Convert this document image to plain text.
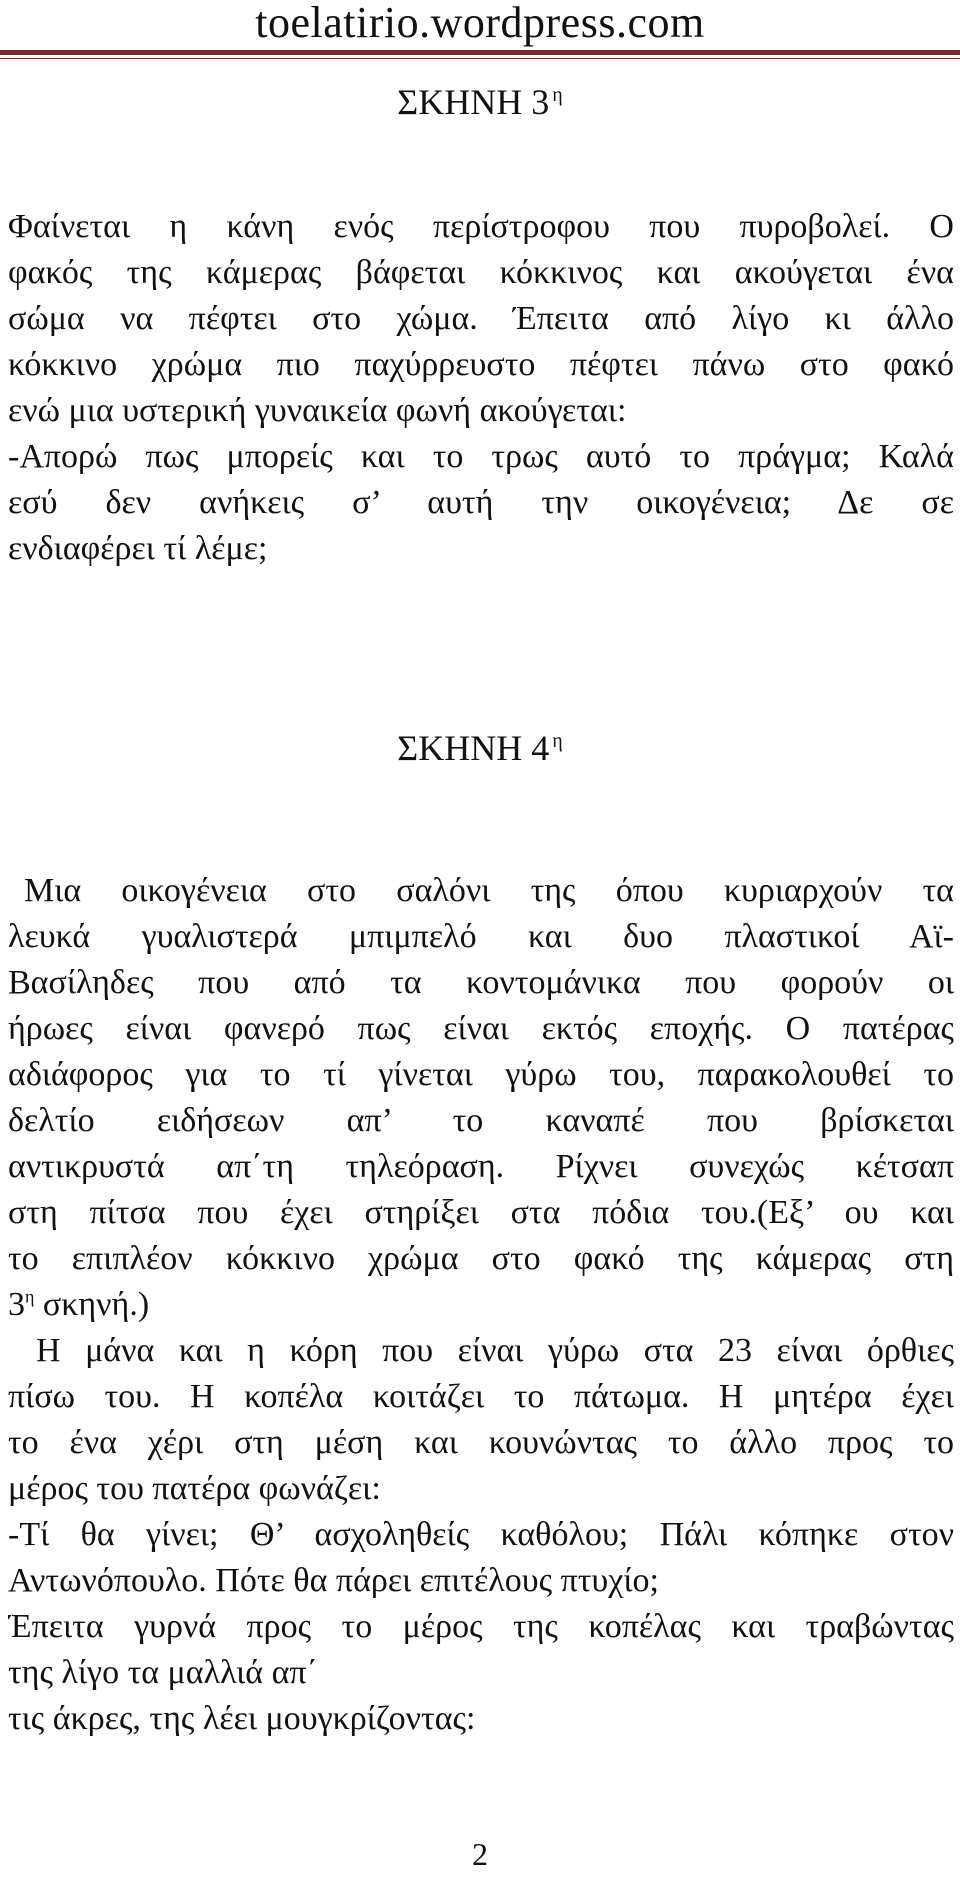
toelatirio.wordpress.com
ΣΚΗΝΗ 3 $^\eta$
Φαίνεται η κάνη ενός περίστροφου που πυροβολεί. Ο
φακός της κάμερας βάφεται κόκκινος και ακούγεται ένα
σώμα να πέφτει στο χώμα. Έπειτα από λίγο κι άλλο
κόκκινο χρώμα πιο παχύρρευστο πέφτει πάνω στο φακό
ενώ μια υστερική γυναικεία φωνή ακούγεται:
-Απορώ πως μπορείς και το τρως αυτό το πράγμα; Καλά
εσύ δεν ανήκεις σ’ αυτή την οικογένεια; Δε σε
ενδιαφέρει τί λέμε;
ΣΚΗΝΗ 4 $^\eta$
Μια οικογένεια στο σαλόνι της όπου κυριαρχούν τα
λευκά γυαλιστερά μπιμπελό και δυο πλαστικοί Αϊ-
Βασίληδες που από τα κοντομάνικα που φορούν οι
ήρωες είναι φανερό πως είναι εκτός εποχής. Ο πατέρας
αδιάφορος για το τί γίνεται γύρω του, παρακολουθεί το
δελτίο ειδήσεων απ’ το καναπέ που βρίσκεται
αντικρυστά απ΄τη τηλεόραση. Ρίχνει συνεχώς κέτσαπ
στη πίτσα που έχει στηρίξει στα πόδια του.(Εξ’ ου και
το επιπλέον κόκκινο χρώμα στο φακό της κάμερας στη
$3^\eta$ σκηνή.)
Η μάνα και η κόρη που είναι γύρω στα 23 είναι όρθιες
πίσω του. Η κοπέλα κοιτάζει το πάτωμα. Η μητέρα έχει
το ένα χέρι στη μέση και κουνώντας το άλλο προς το
μέρος του πατέρα φωνάζει:
-Τί θα γίνει; Θ’ ασχοληθείς καθόλου; Πάλι κόπηκε στον
Αντωνόπουλο. Πότε θα πάρει επιτέλους πτυχίο;
Έπειτα γυρνά προς το μέρος της κοπέλας και τραβώντας
της λίγο τα μαλλιά απ΄
τις άκρες, της λέει μουγκρίζοντας:
2
